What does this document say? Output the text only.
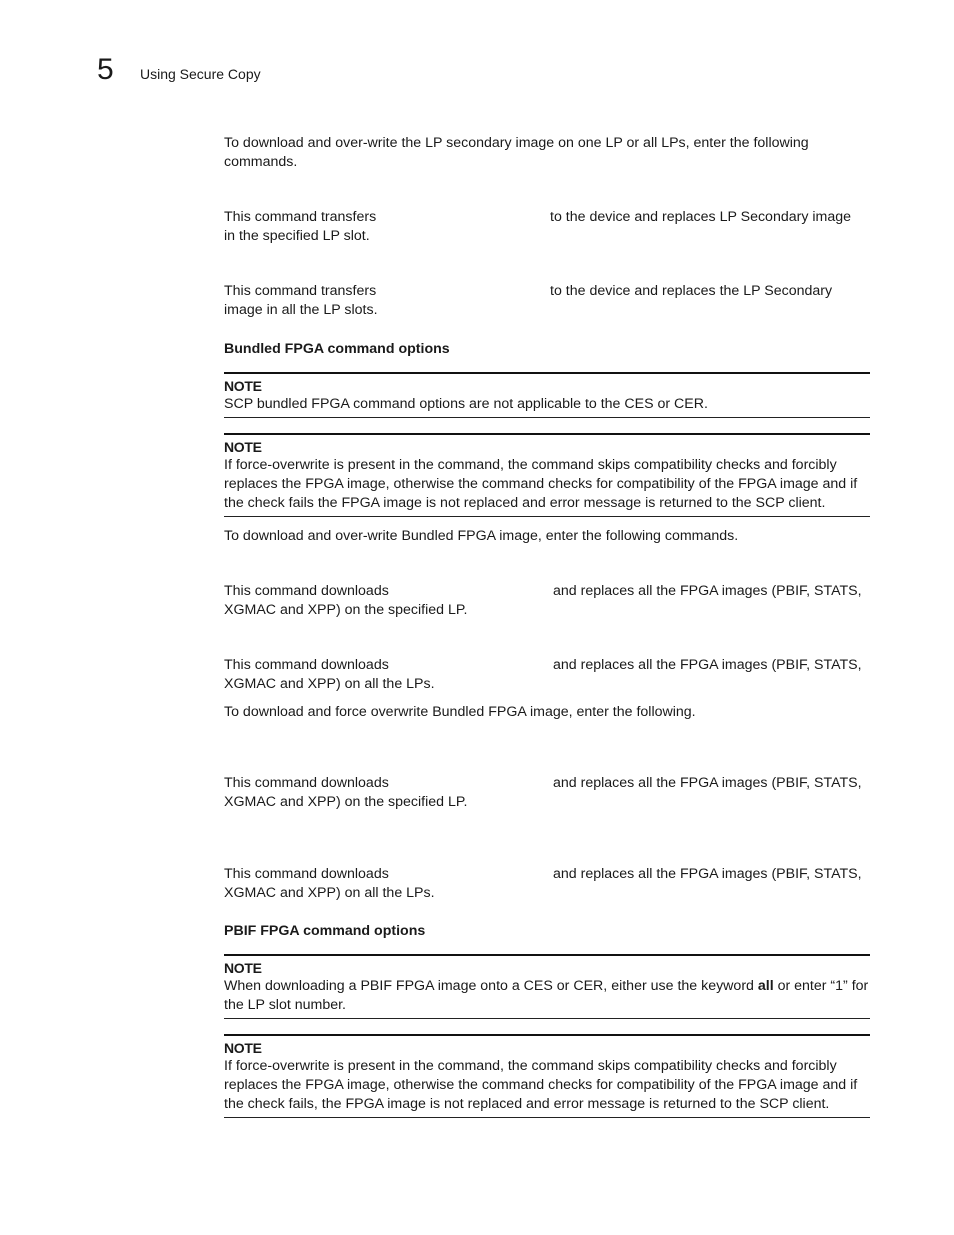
5 Using Secure Copy

To download and over-write the LP secondary image on one LP or all LPs, enter the following commands.

This command transfers	to the device and replaces LP Secondary image

in the specified LP slot.

This command transfers	to the device and replaces the LP Secondary

image in all the LP slots.

Bundled FPGA command options

NOTE

SCP bundled FPGA command options are not applicable to the CES or CER.

NOTE

If force-overwrite is present in the command, the command skips compatibility checks and forcibly replaces the FPGA image, otherwise the command checks for compatibility of the FPGA image and if the check fails the FPGA image is not replaced and error message is returned to the SCP client.

To download and over-write Bundled FPGA image, enter the following commands.

This command downloads	and replaces all the FPGA images (PBIF, STATS,

XGMAC and XPP) on the specified LP.

This command downloads	and replaces all the FPGA images (PBIF, STATS,

XGMAC and XPP) on all the LPs.

To download and force overwrite Bundled FPGA image, enter the following.

This command downloads	and replaces all the FPGA images (PBIF, STATS,

XGMAC and XPP) on the specified LP.

This command downloads	and replaces all the FPGA images (PBIF, STATS,

XGMAC and XPP) on all the LPs.

PBIF FPGA command options

NOTE

When downloading a PBIF FPGA image onto a CES or CER, either use the keyword all or enter “1” for the LP slot number.

NOTE

If force-overwrite is present in the command, the command skips compatibility checks and forcibly replaces the FPGA image, otherwise the command checks for compatibility of the FPGA image and if the check fails, the FPGA image is not replaced and error message is returned to the SCP client.
